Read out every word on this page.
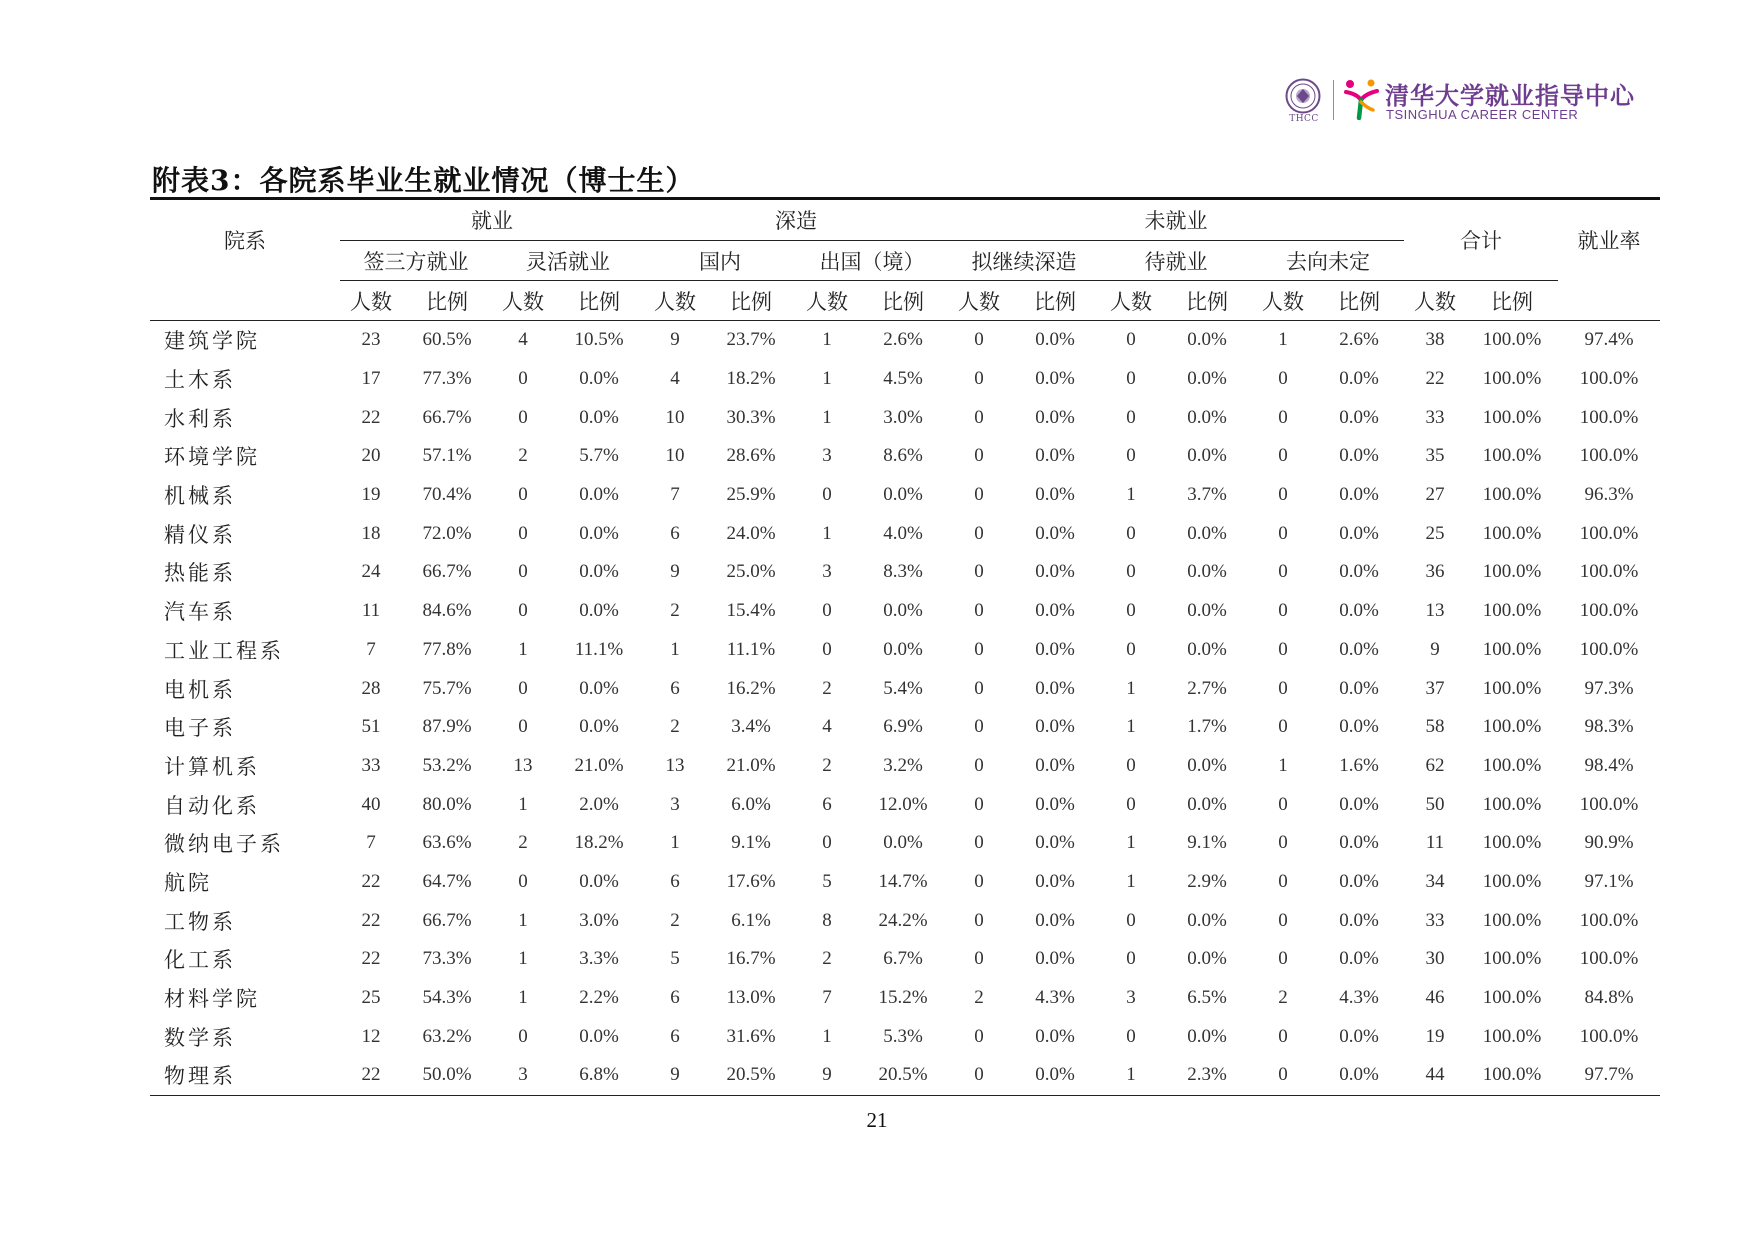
THCC
清华大学就业指导中心
TSINGHUA CAREER CENTER
附表3：各院系毕业生就业情况（博士生）
院系	就业				深造				未就业						合计		就业率
	签三方就业		灵活就业		国内		出国（境）		拟继续深造		待就业		去向未定				
	人数	比例	人数	比例	人数	比例	人数	比例	人数	比例	人数	比例	人数	比例	人数	比例	
建筑学院	23	60.5%	4	10.5%	9	23.7%	1	2.6%	0	0.0%	0	0.0%	1	2.6%	38	100.0%	97.4%
土木系	17	77.3%	0	0.0%	4	18.2%	1	4.5%	0	0.0%	0	0.0%	0	0.0%	22	100.0%	100.0%
水利系	22	66.7%	0	0.0%	10	30.3%	1	3.0%	0	0.0%	0	0.0%	0	0.0%	33	100.0%	100.0%
环境学院	20	57.1%	2	5.7%	10	28.6%	3	8.6%	0	0.0%	0	0.0%	0	0.0%	35	100.0%	100.0%
机械系	19	70.4%	0	0.0%	7	25.9%	0	0.0%	0	0.0%	1	3.7%	0	0.0%	27	100.0%	96.3%
精仪系	18	72.0%	0	0.0%	6	24.0%	1	4.0%	0	0.0%	0	0.0%	0	0.0%	25	100.0%	100.0%
热能系	24	66.7%	0	0.0%	9	25.0%	3	8.3%	0	0.0%	0	0.0%	0	0.0%	36	100.0%	100.0%
汽车系	11	84.6%	0	0.0%	2	15.4%	0	0.0%	0	0.0%	0	0.0%	0	0.0%	13	100.0%	100.0%
工业工程系	7	77.8%	1	11.1%	1	11.1%	0	0.0%	0	0.0%	0	0.0%	0	0.0%	9	100.0%	100.0%
电机系	28	75.7%	0	0.0%	6	16.2%	2	5.4%	0	0.0%	1	2.7%	0	0.0%	37	100.0%	97.3%
电子系	51	87.9%	0	0.0%	2	3.4%	4	6.9%	0	0.0%	1	1.7%	0	0.0%	58	100.0%	98.3%
计算机系	33	53.2%	13	21.0%	13	21.0%	2	3.2%	0	0.0%	0	0.0%	1	1.6%	62	100.0%	98.4%
自动化系	40	80.0%	1	2.0%	3	6.0%	6	12.0%	0	0.0%	0	0.0%	0	0.0%	50	100.0%	100.0%
微纳电子系	7	63.6%	2	18.2%	1	9.1%	0	0.0%	0	0.0%	1	9.1%	0	0.0%	11	100.0%	90.9%
航院	22	64.7%	0	0.0%	6	17.6%	5	14.7%	0	0.0%	1	2.9%	0	0.0%	34	100.0%	97.1%
工物系	22	66.7%	1	3.0%	2	6.1%	8	24.2%	0	0.0%	0	0.0%	0	0.0%	33	100.0%	100.0%
化工系	22	73.3%	1	3.3%	5	16.7%	2	6.7%	0	0.0%	0	0.0%	0	0.0%	30	100.0%	100.0%
材料学院	25	54.3%	1	2.2%	6	13.0%	7	15.2%	2	4.3%	3	6.5%	2	4.3%	46	100.0%	84.8%
数学系	12	63.2%	0	0.0%	6	31.6%	1	5.3%	0	0.0%	0	0.0%	0	0.0%	19	100.0%	100.0%
物理系	22	50.0%	3	6.8%	9	20.5%	9	20.5%	0	0.0%	1	2.3%	0	0.0%	44	100.0%	97.7%
21
